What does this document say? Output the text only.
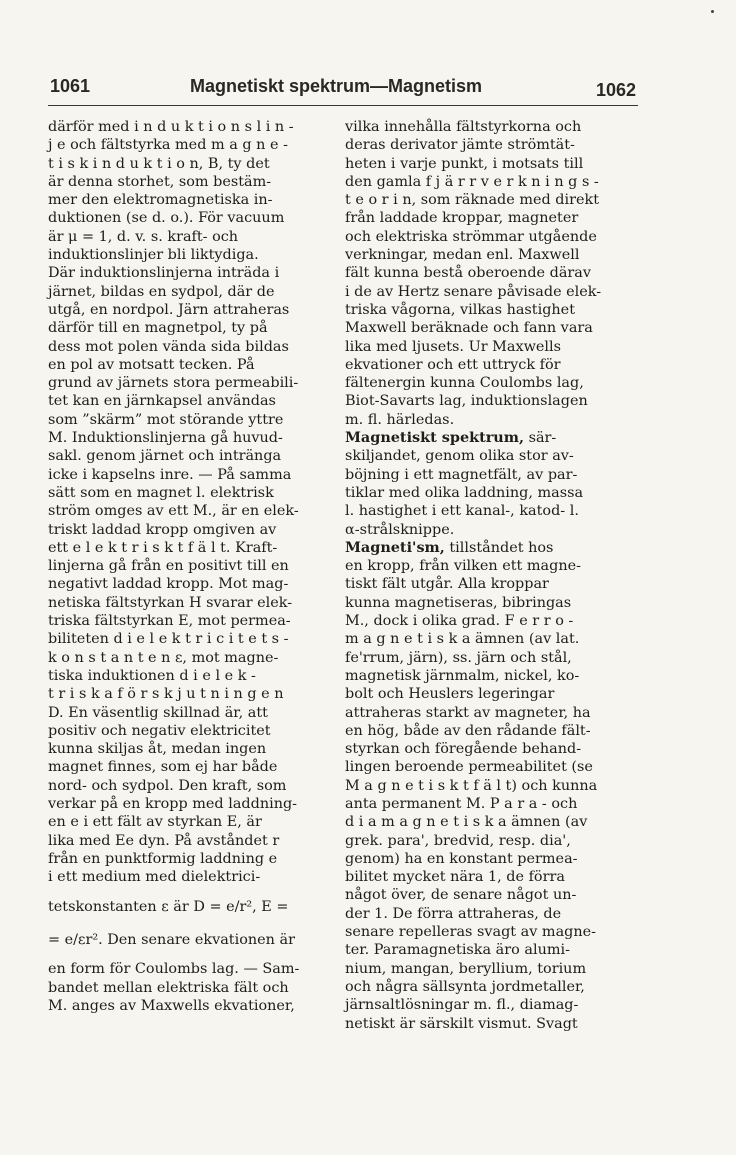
1061	Magnetiskt spektrum—Magnetism	1062
därför med i n d u k t i o n s l i n -
j e och fältstyrka med m a g n e -
t i s k i n d u k t i o n, B, ty det
är denna storhet, som bestäm-
mer den elektromagnetiska in-
duktionen (se d. o.). För vacuum
är μ = 1, d. v. s. kraft- och
induktionslinjer bli liktydiga.
Där induktionslinjerna inträda i
järnet, bildas en sydpol, där de
utgå, en nordpol. Järn attraheras
därför till en magnetpol, ty på
dess mot polen vända sida bildas
en pol av motsatt tecken. På
grund av järnets stora permeabili-
tet kan en järnkapsel användas
som ”skärm” mot störande yttre
M. Induktionslinjerna gå huvud-
sakl. genom järnet och inträngа
icke i kapselns inre. — På samma
sätt som en magnet l. elektrisk
ström omges av ett M., är en elek-
triskt laddad kropp omgiven av
ett e l e k t r i s k t f ä l t. Kraft-
linjerna gå från en positivt till en
negativt laddad kropp. Mot mag-
netiska fältstyrkan H svarar elek-
triska fältstyrkan E, mot permea-
biliteten d i e l e k t r i c i t e t s -
k o n s t a n t e n ε, mot magne-
tiska induktionen d i e l e k -
t r i s k a f ö r s k j u t n i n g e n
D. En väsentlig skillnad är, att
positiv och negativ elektricitet
kunna skiljas åt, medan ingen
magnet finnes, som ej har både
nord- och sydpol. Den kraft, som
verkar på en kropp med laddning-
en e i ett fält av styrkan E, är
lika med Ee dyn. På avståndet r
från en punktformig laddning e
i ett medium med dielektrici-
tetskonstanten ε är D = e/r², E =
= e/εr². Den senare ekvationen är
en form för Coulombs lag. — Sam-
bandet mellan elektriska fält och
M. anges av Maxwells ekvationer,
vilka innehålla fältstyrkorna och
deras derivator jämte strömtät-
heten i varje punkt, i motsats till
den gamla f j ä r r v e r k n i n g s -
t e o r i n, som räknade med direkt
från laddade kroppar, magneter
och elektriska strömmar utgående
verkningar, medan enl. Maxwell
fält kunna bestå oberoende därav
i de av Hertz senare påvisade elek-
triska vågorna, vilkas hastighet
Maxwell beräknade och fann vara
lika med ljusets. Ur Maxwells
ekvationer och ett uttryck för
fältenergin kunna Coulombs lag,
Biot-Savarts lag, induktionslagen
m. fl. härledas.
Magnetiskt spektrum, sär-
skiljandet, genom olika stor av-
böjning i ett magnetfält, av par-
tiklar med olika laddning, massa
l. hastighet i ett kanal-, katod- l.
α-strålsknippe.
Magneti'sm, tillståndet hos
en kropp, från vilken ett magne-
tiskt fält utgår. Alla kroppar
kunna magnetiseras, bibringas
M., dock i olika grad. F e r r o -
m a g n e t i s k a ämnen (av lat.
fe'rrum, järn), ss. järn och stål,
magnetisk järnmalm, nickel, ko-
bolt och Heuslers legeringar
attraheras starkt av magneter, ha
en hög, både av den rådande fält-
styrkan och föregående behand-
lingen beroende permeabilitet (se
M a g n e t i s k t f ä l t) och kunna
anta permanent M. P a r a - och
d i a m a g n e t i s k a ämnen (av
grek. para', bredvid, resp. dia',
genom) ha en konstant permea-
bilitet mycket nära 1, de förra
något över, de senare något un-
der 1. De förra attraheras, de
senare repelleras svagt av magne-
ter. Paramagnetiska äro alumi-
nium, mangan, beryllium, torium
och några sällsynta jordmetaller,
järnsaltlösningar m. fl., diamag-
netiskt är särskilt vismut. Svagt
